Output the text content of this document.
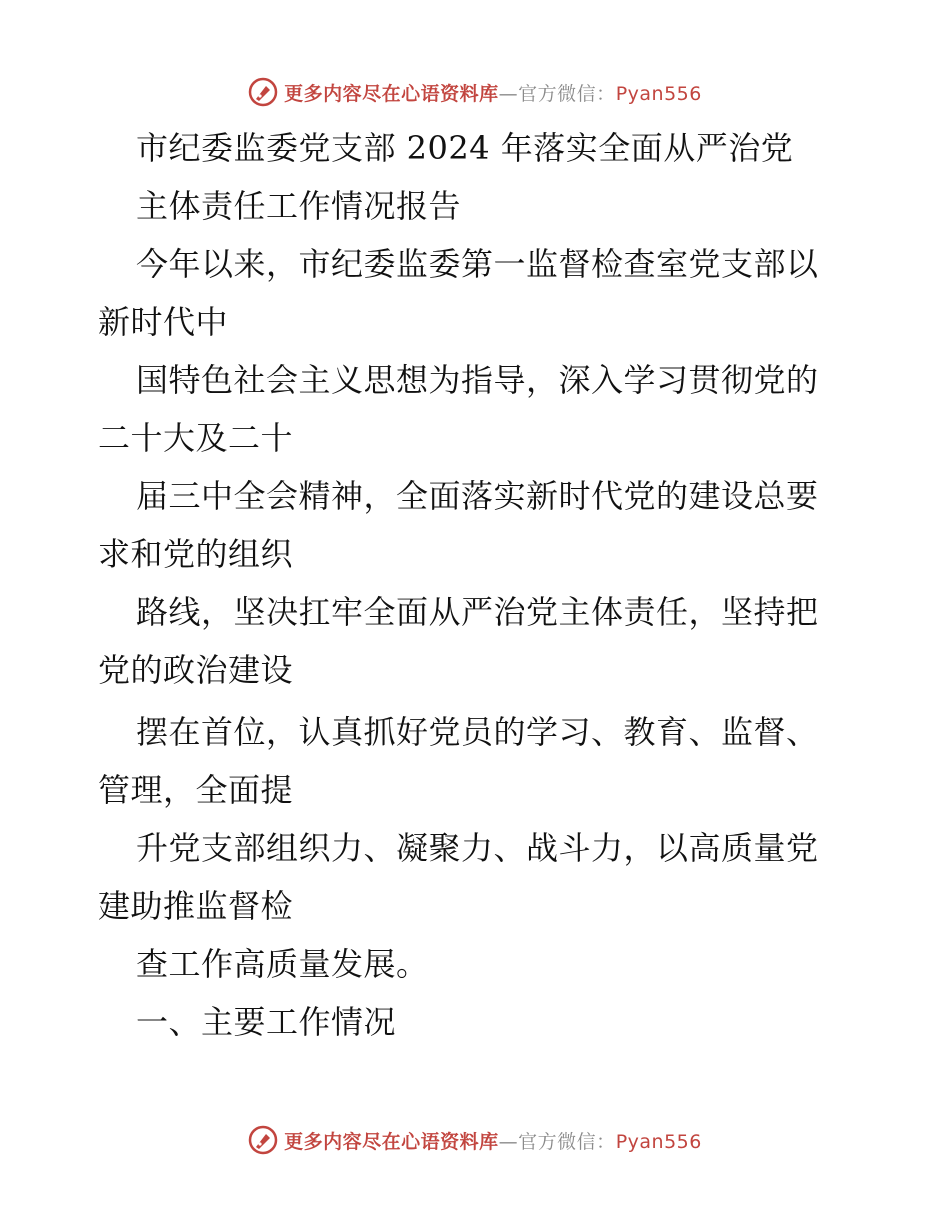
更多内容尽在心语资料库—官方微信：Pyan556
市纪委监委党支部 2024 年落实全面从严治党
主体责任工作情况报告
今年以来，市纪委监委第一监督检查室党支部以
新时代中
国特色社会主义思想为指导，深入学习贯彻党的
二十大及二十
届三中全会精神，全面落实新时代党的建设总要
求和党的组织
路线，坚决扛牢全面从严治党主体责任，坚持把
党的政治建设
摆在首位，认真抓好党员的学习、教育、监督、
管理，全面提
升党支部组织力、凝聚力、战斗力，以高质量党
建助推监督检
查工作高质量发展。
一、主要工作情况
更多内容尽在心语资料库—官方微信：Pyan556
